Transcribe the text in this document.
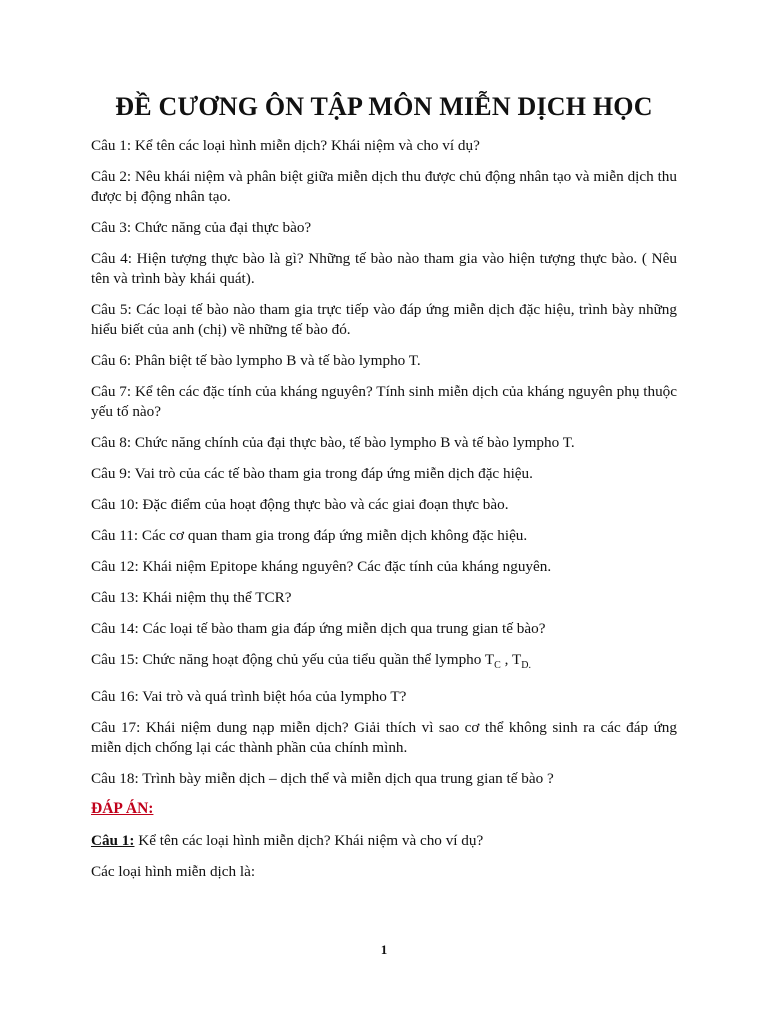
ĐỀ CƯƠNG ÔN TẬP MÔN MIỄN DỊCH HỌC

Câu 1: Kể tên các loại hình miễn dịch? Khái niệm và cho ví dụ?

Câu 2: Nêu khái niệm và phân biệt giữa miễn dịch thu được chủ động nhân tạo và miễn dịch thu được bị động nhân tạo.

Câu 3: Chức năng của đại thực bào?

Câu 4: Hiện tượng thực bào là gì? Những tế bào nào tham gia vào hiện tượng thực bào. ( Nêu tên và trình bày khái quát).

Câu 5: Các loại tế bào nào tham gia trực tiếp vào đáp ứng miễn dịch đặc hiệu, trình bày những hiểu biết của anh (chị) về những tế bào đó.

Câu 6: Phân biệt tế bào lympho B và tế bào lympho T.

Câu 7: Kể tên các đặc tính của kháng nguyên? Tính sinh miễn dịch của kháng nguyên phụ thuộc yếu tố nào?

Câu 8: Chức năng chính của đại thực bào, tế bào lympho B và tế bào lympho T.

Câu 9: Vai trò của các tế bào tham gia trong đáp ứng miễn dịch đặc hiệu.

Câu 10: Đặc điểm của hoạt động thực bào và các giai đoạn thực bào.

Câu 11: Các cơ quan tham gia trong đáp ứng miễn dịch không đặc hiệu.

Câu 12: Khái niệm Epitope kháng nguyên? Các đặc tính của kháng nguyên.

Câu 13: Khái niệm thụ thể TCR?

Câu 14: Các loại tế bào tham gia đáp ứng miễn dịch qua trung gian tế bào?

Câu 15: Chức năng hoạt động chủ yếu của tiểu quần thể lympho $T_C$ , $T_{D.}$

Câu 16: Vai trò và quá trình biệt hóa của lympho T?

Câu 17: Khái niệm dung nạp miễn dịch? Giải thích vì sao cơ thể không sinh ra các đáp ứng miễn dịch chống lại các thành phần của chính mình.

Câu 18: Trình bày miễn dịch – dịch thể và miễn dịch qua trung gian tế bào ?

ĐÁP ÁN:
Câu 1: Kể tên các loại hình miễn dịch? Khái niệm và cho ví dụ?
Các loại hình miễn dịch là:
1
